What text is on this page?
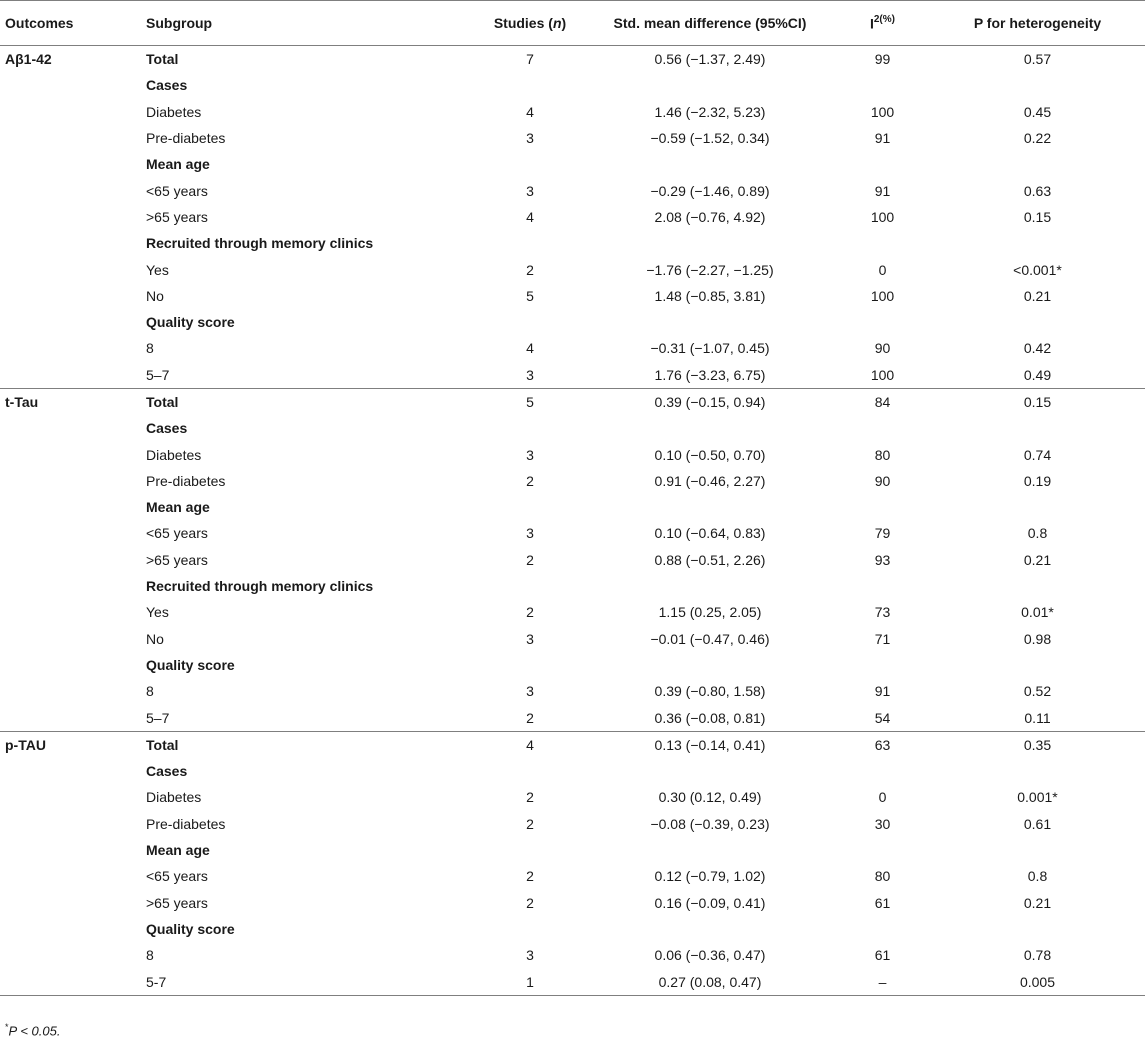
Outcomes	Subgroup	Studies (n)	Std. mean difference (95%CI)	$I^{2(\%)}$	P for heterogeneity
Aβ1-42	Total	7	0.56 (−1.37, 2.49)	99	0.57
	Cases				
	Diabetes	4	1.46 (−2.32, 5.23)	100	0.45
	Pre-diabetes	3	−0.59 (−1.52, 0.34)	91	0.22
	Mean age				
	<65 years	3	−0.29 (−1.46, 0.89)	91	0.63
	>65 years	4	2.08 (−0.76, 4.92)	100	0.15
	Recruited through memory clinics				
	Yes	2	−1.76 (−2.27, −1.25)	0	<0.001*
	No	5	1.48 (−0.85, 3.81)	100	0.21
	Quality score				
	8	4	−0.31 (−1.07, 0.45)	90	0.42
	5–7	3	1.76 (−3.23, 6.75)	100	0.49
t-Tau	Total	5	0.39 (−0.15, 0.94)	84	0.15
	Cases				
	Diabetes	3	0.10 (−0.50, 0.70)	80	0.74
	Pre-diabetes	2	0.91 (−0.46, 2.27)	90	0.19
	Mean age				
	<65 years	3	0.10 (−0.64, 0.83)	79	0.8
	>65 years	2	0.88 (−0.51, 2.26)	93	0.21
	Recruited through memory clinics				
	Yes	2	1.15 (0.25, 2.05)	73	0.01*
	No	3	−0.01 (−0.47, 0.46)	71	0.98
	Quality score				
	8	3	0.39 (−0.80, 1.58)	91	0.52
	5–7	2	0.36 (−0.08, 0.81)	54	0.11
p-TAU	Total	4	0.13 (−0.14, 0.41)	63	0.35
	Cases				
	Diabetes	2	0.30 (0.12, 0.49)	0	0.001*
	Pre-diabetes	2	−0.08 (−0.39, 0.23)	30	0.61
	Mean age				
	<65 years	2	0.12 (−0.79, 1.02)	80	0.8
	>65 years	2	0.16 (−0.09, 0.41)	61	0.21
	Quality score				
	8	3	0.06 (−0.36, 0.47)	61	0.78
	5-7	1	0.27 (0.08, 0.47)	–	0.005
*P < 0.05.
